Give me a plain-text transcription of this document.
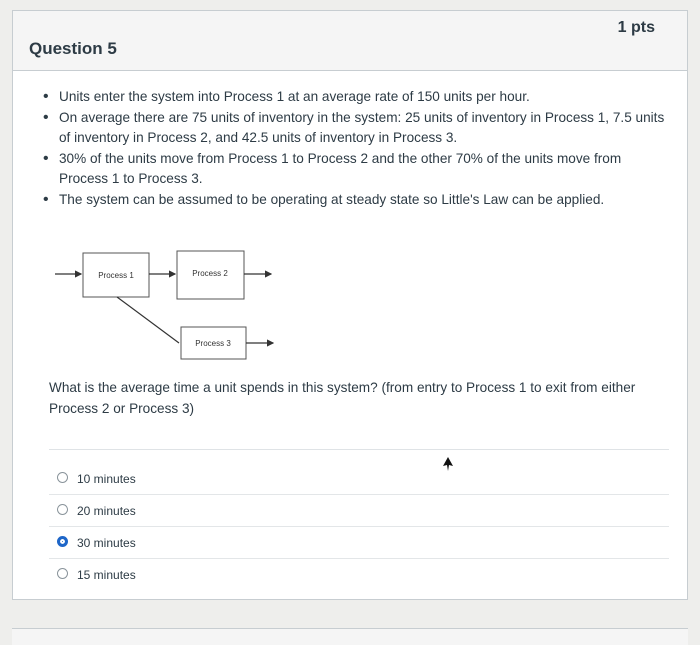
Question 5
1 pts
• Units enter the system into Process 1 at an average rate of 150 units per hour.
• On average there are 75 units of inventory in the system: 25 units of inventory in Process 1, 7.5 units of inventory in Process 2, and 42.5 units of inventory in Process 3.
• 30% of the units move from Process 1 to Process 2 and the other 70% of the units move from Process 1 to Process 3.
• The system can be assumed to be operating at steady state so Little's Law can be applied.
Process 1	Process 2
Process 3
What is the average time a unit spends in this system? (from entry to Process 1 to exit from either Process 2 or Process 3)
10 minutes
20 minutes
30 minutes
15 minutes
